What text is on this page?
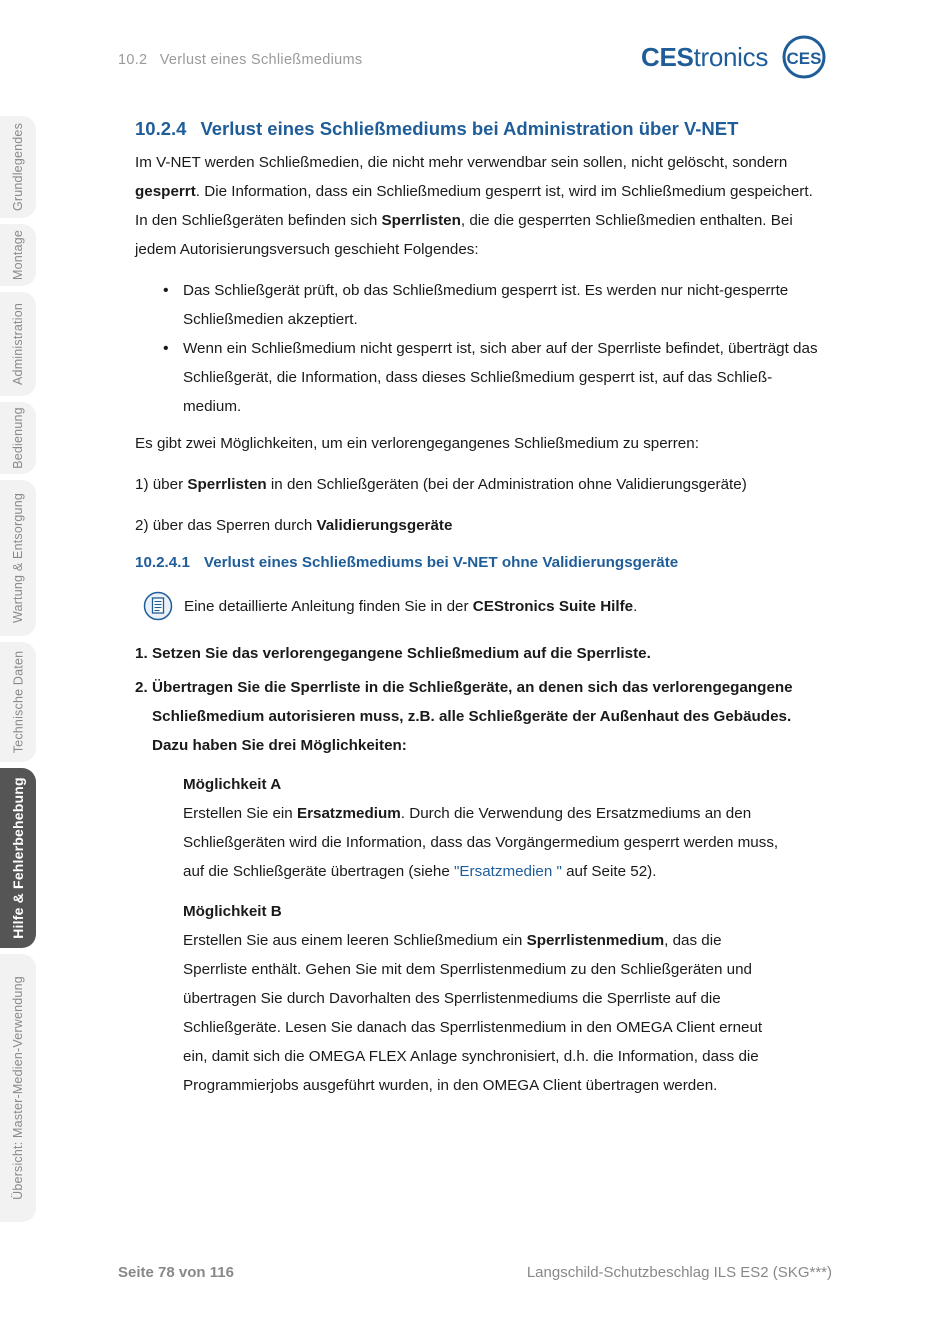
10.2 Verlust eines Schließmediums	CEStronics CES
Grundlegendes
Montage
Administration
Bedienung
Wartung & Entsorgung
Technische Daten
Hilfe & Fehlerbehebung
Übersicht: Master-Medien-Verwendung
10.2.4 Verlust eines Schließmediums bei Administration über V-NET

Im V-NET werden Schließmedien, die nicht mehr verwendbar sein sollen, nicht gelöscht, sondern gesperrt. Die Information, dass ein Schließmedium gesperrt ist, wird im Schließmedium gespeichert. In den Schließgeräten befinden sich Sperrlisten, die die gesperrten Schließmedien enthalten. Bei jedem Autorisierungsversuch geschieht Folgendes:

• Das Schließgerät prüft, ob das Schließmedium gesperrt ist. Es werden nur nicht-gesperrte Schließmedien akzeptiert.
• Wenn ein Schließmedium nicht gesperrt ist, sich aber auf der Sperrliste befindet, überträgt das Schließgerät, die Information, dass dieses Schließmedium gesperrt ist, auf das Schließ-medium.

Es gibt zwei Möglichkeiten, um ein verlorengegangenes Schließmedium zu sperren:

1) über Sperrlisten in den Schließgeräten (bei der Administration ohne Validierungsgeräte)

2) über das Sperren durch Validierungsgeräte

10.2.4.1 Verlust eines Schließmediums bei V-NET ohne Validierungsgeräte

Eine detaillierte Anleitung finden Sie in der CEStronics Suite Hilfe.

1. Setzen Sie das verlorengegangene Schließmedium auf die Sperrliste.
2. Übertragen Sie die Sperrliste in die Schließgeräte, an denen sich das verlorengegangene Schließmedium autorisieren muss, z.B. alle Schließgeräte der Außenhaut des Gebäudes. Dazu haben Sie drei Möglichkeiten:
Möglichkeit A

Erstellen Sie ein Ersatzmedium. Durch die Verwendung des Ersatzmediums an den Schließgeräten wird die Information, dass das Vorgängermedium gesperrt werden muss, auf die Schließgeräte übertragen (siehe "Ersatzmedien " auf Seite 52).

Möglichkeit B

Erstellen Sie aus einem leeren Schließmedium ein Sperrlistenmedium, das die Sperrliste enthält. Gehen Sie mit dem Sperrlistenmedium zu den Schließgeräten und übertragen Sie durch Davorhalten des Sperrlistenmediums die Sperrliste auf die Schließgeräte. Lesen Sie danach das Sperrlistenmedium in den OMEGA Client erneut ein, damit sich die OMEGA FLEX Anlage synchronisiert, d.h. die Information, dass die Programmierjobs ausgeführt wurden, in den OMEGA Client übertragen werden.

Seite 78 von 116	Langschild-Schutzbeschlag ILS ES2 (SKG***)
